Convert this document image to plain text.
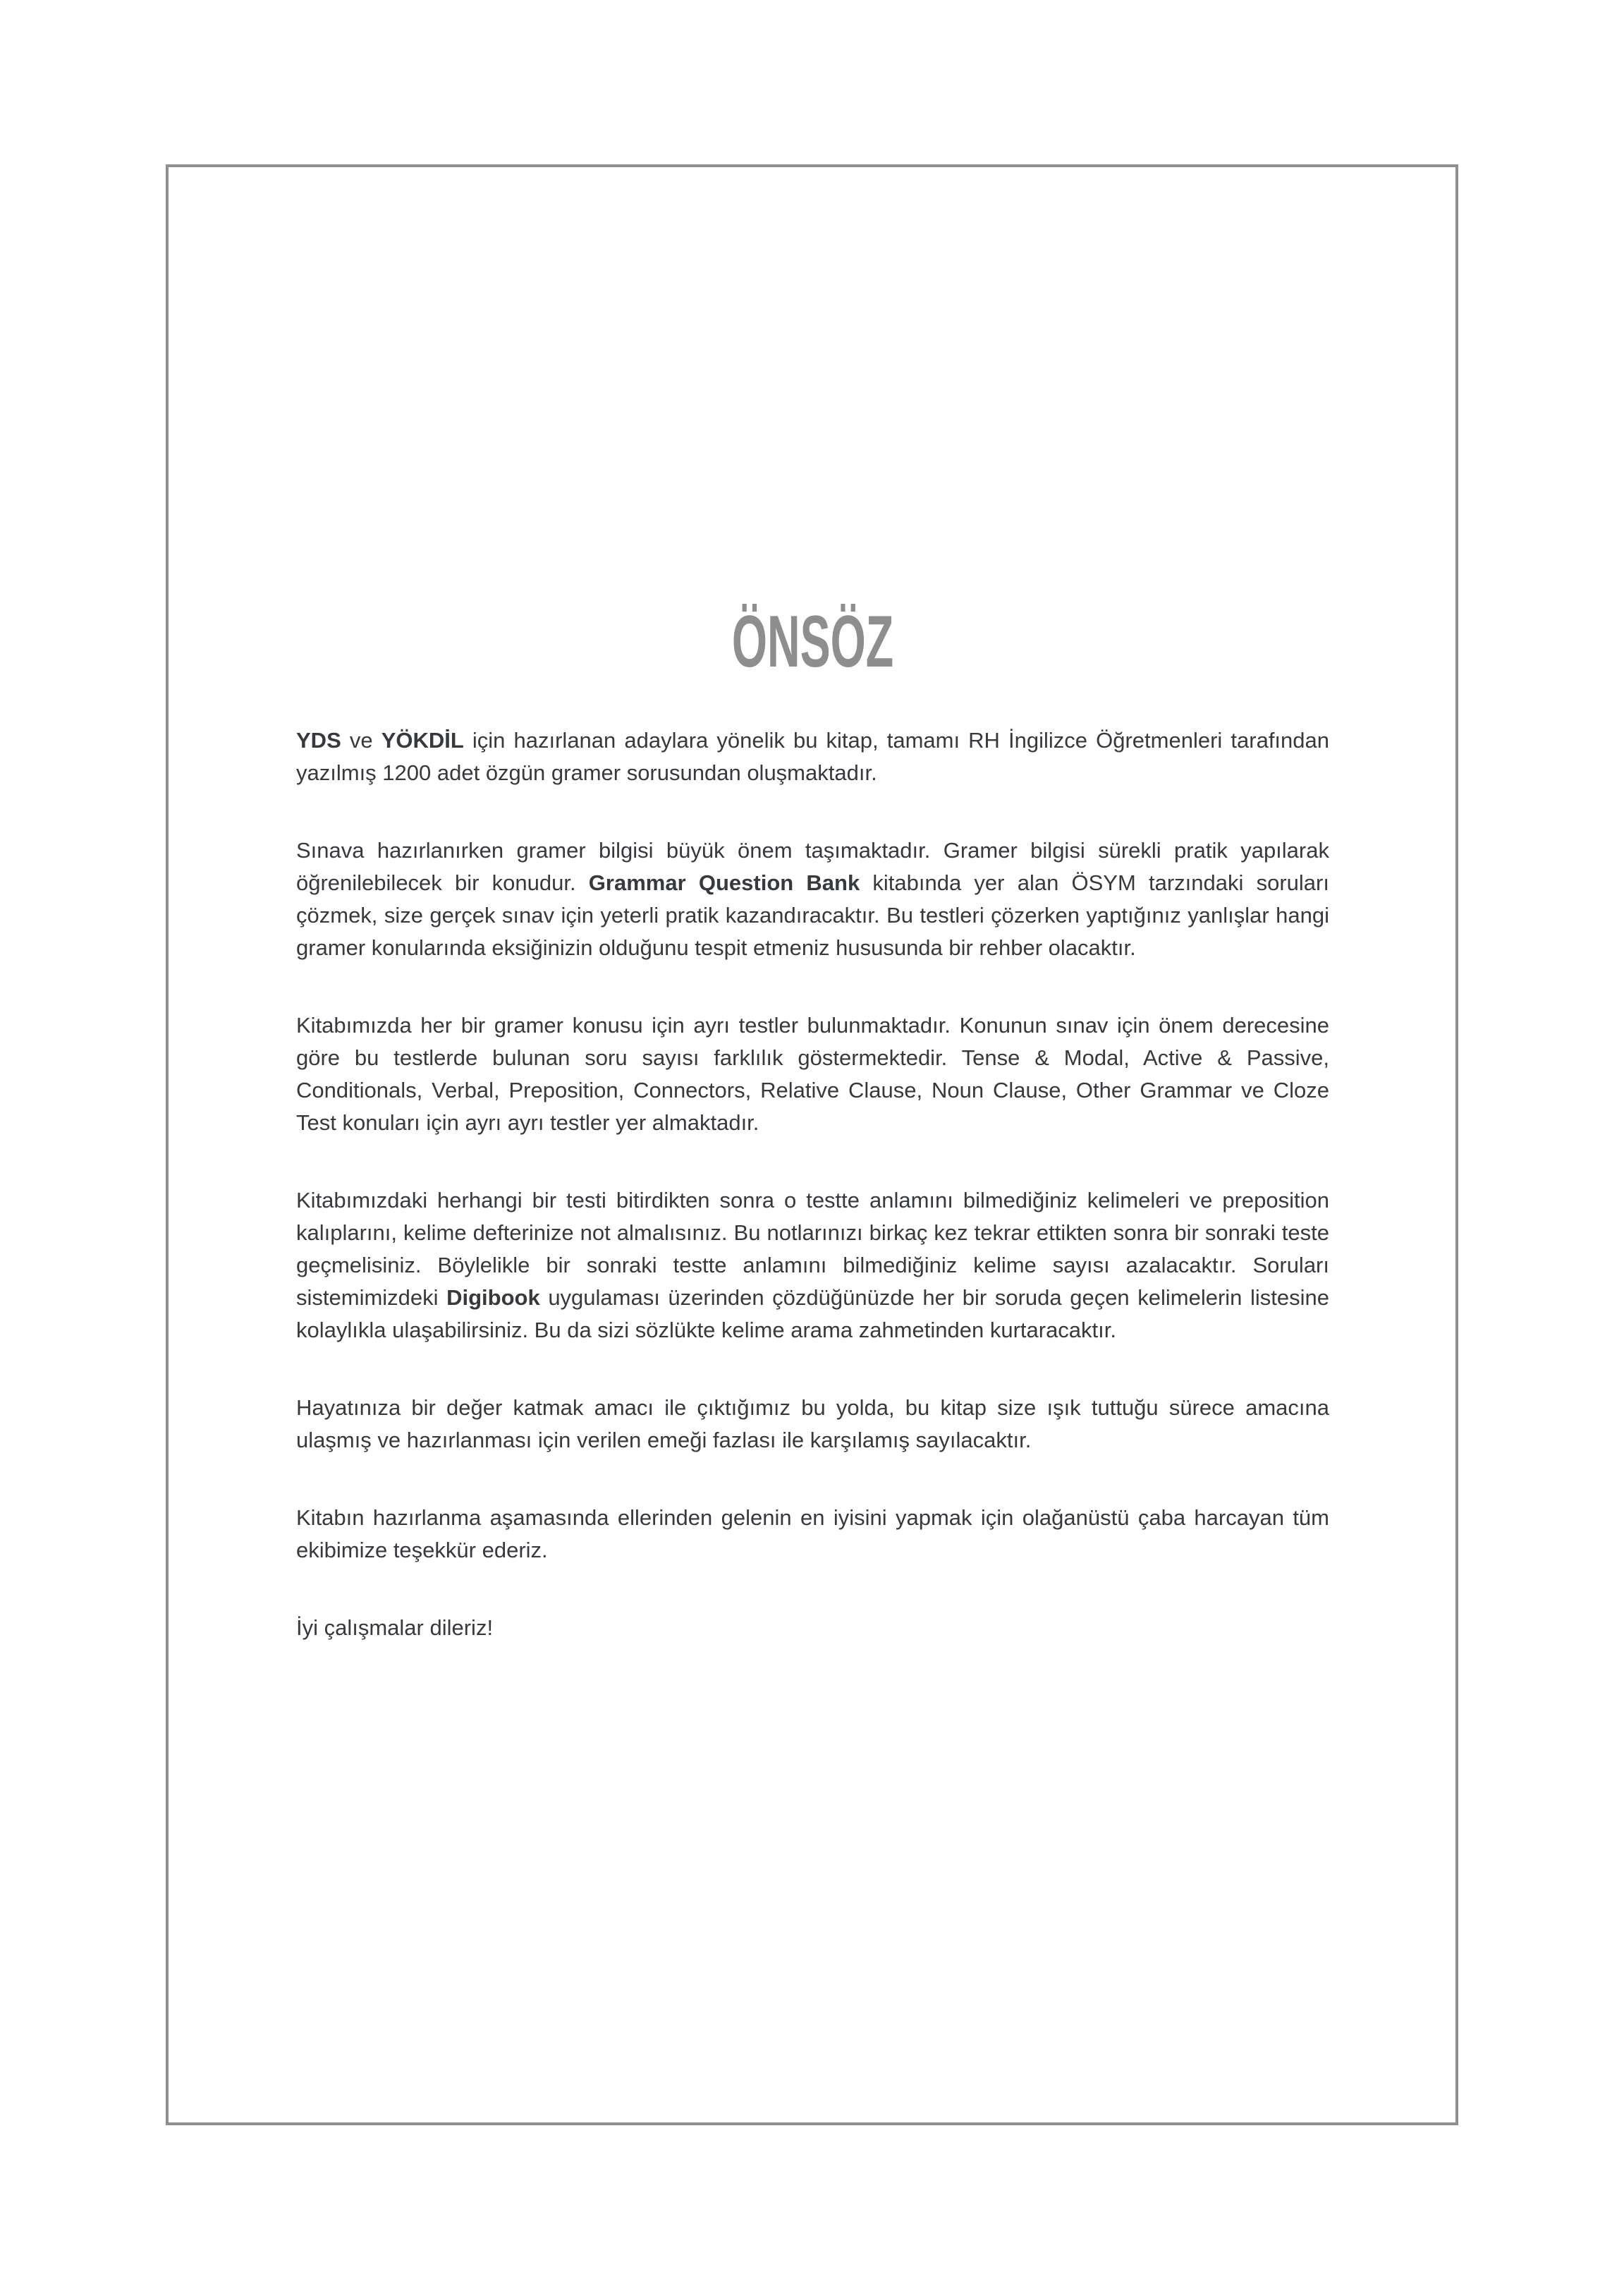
ÖNSÖZ

YDS ve YÖKDİL için hazırlanan adaylara yönelik bu kitap, tamamı RH İngilizce Öğretmenleri tarafından yazılmış 1200 adet özgün gramer sorusundan oluşmaktadır.

Sınava hazırlanırken gramer bilgisi büyük önem taşımaktadır. Gramer bilgisi sürekli pratik yapılarak öğrenilebilecek bir konudur. Grammar Question Bank kitabında yer alan ÖSYM tarzındaki soruları çözmek, size gerçek sınav için yeterli pratik kazandıracaktır. Bu testleri çözerken yaptığınız yanlışlar hangi gramer konularında eksiğinizin olduğunu tespit etmeniz hususunda bir rehber olacaktır.

Kitabımızda her bir gramer konusu için ayrı testler bulunmaktadır. Konunun sınav için önem derecesine göre bu testlerde bulunan soru sayısı farklılık göstermektedir. Tense & Modal, Active & Passive, Conditionals, Verbal, Preposition, Connectors, Relative Clause, Noun Clause, Other Grammar ve Cloze Test konuları için ayrı ayrı testler yer almaktadır.

Kitabımızdaki herhangi bir testi bitirdikten sonra o testte anlamını bilmediğiniz kelimeleri ve preposition kalıplarını, kelime defterinize not almalısınız. Bu notlarınızı birkaç kez tekrar ettikten sonra bir sonraki teste geçmelisiniz. Böylelikle bir sonraki testte anlamını bilmediğiniz kelime sayısı azalacaktır. Soruları sistemimizdeki Digibook uygulaması üzerinden çözdüğünüzde her bir soruda geçen kelimelerin listesine kolaylıkla ulaşabilirsiniz. Bu da sizi sözlükte kelime arama zahmetinden kurtaracaktır.

Hayatınıza bir değer katmak amacı ile çıktığımız bu yolda, bu kitap size ışık tuttuğu sürece amacına ulaşmış ve hazırlanması için verilen emeği fazlası ile karşılamış sayılacaktır.

Kitabın hazırlanma aşamasında ellerinden gelenin en iyisini yapmak için olağanüstü çaba harcayan tüm ekibimize teşekkür ederiz.

İyi çalışmalar dileriz!
